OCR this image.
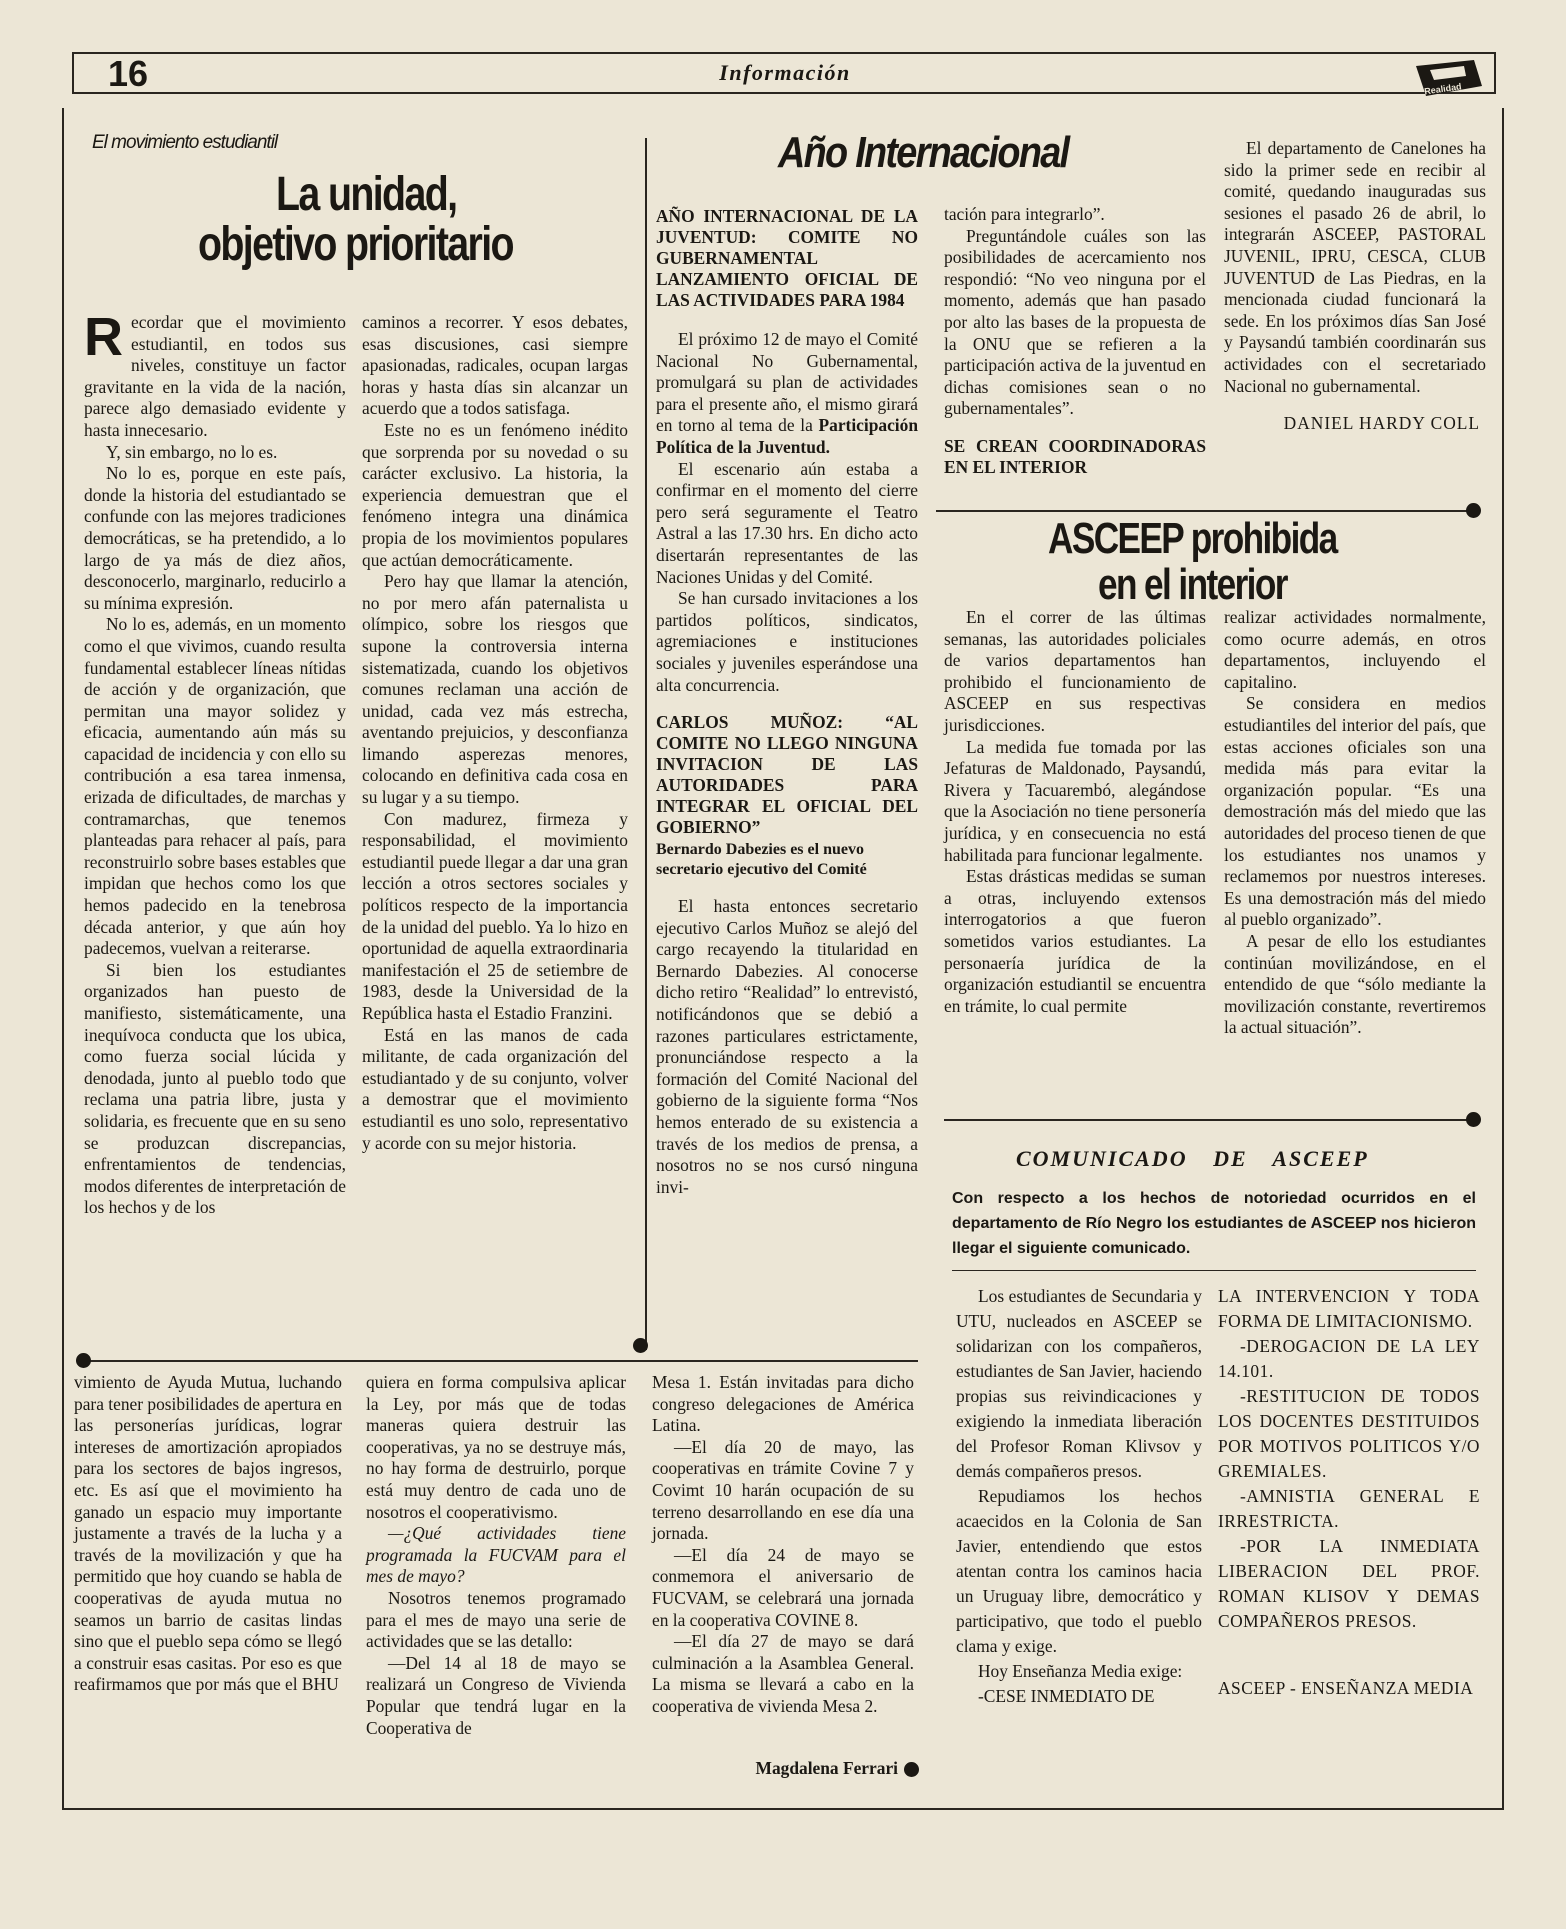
16	Información
Realidad
El movimiento estudiantil
La unidad,
objetivo prioritario
R ecordar que el movimiento estudiantil, en todos sus niveles, constituye un factor gravitante en la vida de la nación, parece algo demasiado evidente y hasta innecesario.

Y, sin embargo, no lo es.

No lo es, porque en este país, donde la historia del estudiantado se confunde con las mejores tradiciones democráticas, se ha pretendido, a lo largo de ya más de diez años, desconocerlo, marginarlo, reducirlo a su mínima expresión.

No lo es, además, en un momento como el que vivimos, cuando resulta fundamental establecer líneas nítidas de acción y de organización, que permitan una mayor solidez y eficacia, aumentando aún más su capacidad de incidencia y con ello su contribución a esa tarea inmensa, erizada de dificultades, de marchas y contramarchas, que tenemos planteadas para rehacer al país, para reconstruirlo sobre bases estables que impidan que hechos como los que hemos padecido en la tenebrosa década anterior, y que aún hoy padecemos, vuelvan a reiterarse.

Si bien los estudiantes organizados han puesto de manifiesto, sistemáticamente, una inequívoca conducta que los ubica, como fuerza social lúcida y denodada, junto al pueblo todo que reclama una patria libre, justa y solidaria, es frecuente que en su seno se produzcan discrepancias, enfrentamientos de tendencias, modos diferentes de interpretación de los hechos y de los

caminos a recorrer. Y esos debates, esas discusiones, casi siempre apasionadas, radicales, ocupan largas horas y hasta días sin alcanzar un acuerdo que a todos satisfaga.

Este no es un fenómeno inédito que sorprenda por su novedad o su carácter exclusivo. La historia, la experiencia demuestran que el fenómeno integra una dinámica propia de los movimientos populares que actúan democráticamente.

Pero hay que llamar la atención, no por mero afán paternalista u olímpico, sobre los riesgos que supone la controversia interna sistematizada, cuando los objetivos comunes reclaman una acción de unidad, cada vez más estrecha, aventando prejuicios, y desconfianza limando asperezas menores, colocando en definitiva cada cosa en su lugar y a su tiempo.

Con madurez, firmeza y responsabilidad, el movimiento estudiantil puede llegar a dar una gran lección a otros sectores sociales y políticos respecto de la importancia de la unidad del pueblo. Ya lo hizo en oportunidad de aquella extraordinaria manifestación el 25 de setiembre de 1983, desde la Universidad de la República hasta el Estadio Franzini.

Está en las manos de cada militante, de cada organización del estudiantado y de su conjunto, volver a demostrar que el movimiento estudiantil es uno solo, representativo y acorde con su mejor historia.

Año Internacional
AÑO INTERNACIONAL DE LA JUVENTUD: COMITE NO GUBERNAMENTAL LANZAMIENTO OFICIAL DE LAS ACTIVIDADES PARA 1984

El próximo 12 de mayo el Comité Nacional No Gubernamental, promulgará su plan de actividades para el presente año, el mismo girará en torno al tema de la Participación Política de la Juventud.

El escenario aún estaba a confirmar en el momento del cierre pero será seguramente el Teatro Astral a las 17.30 hrs. En dicho acto disertarán representantes de las Naciones Unidas y del Comité.

Se han cursado invitaciones a los partidos políticos, sindicatos, agremiaciones e instituciones sociales y juveniles esperándose una alta concurrencia.

CARLOS MUÑOZ: “AL COMITE NO LLEGO NINGUNA INVITACION DE LAS AUTORIDADES PARA INTEGRAR EL OFICIAL DEL GOBIERNO”
Bernardo Dabezies es el nuevo secretario ejecutivo del Comité

El hasta entonces secretario ejecutivo Carlos Muñoz se alejó del cargo recayendo la titularidad en Bernardo Dabezies. Al conocerse dicho retiro “Realidad” lo entrevistó, notificándonos que se debió a razones particulares estrictamente, pronunciándose respecto a la formación del Comité Nacional del gobierno de la siguiente forma “Nos hemos enterado de su existencia a través de los medios de prensa, a nosotros no se nos cursó ninguna invi-

tación para integrarlo”.

Preguntándole cuáles son las posibilidades de acercamiento nos respondió: “No veo ninguna por el momento, además que han pasado por alto las bases de la propuesta de la ONU que se refieren a la participación activa de la juventud en dichas comisiones sean o no gubernamentales”.

SE CREAN COORDINADORAS EN EL INTERIOR

El departamento de Canelones ha sido la primer sede en recibir al comité, quedando inauguradas sus sesiones el pasado 26 de abril, lo integrarán ASCEEP, PASTORAL JUVENIL, IPRU, CESCA, CLUB JUVENTUD de Las Piedras, en la mencionada ciudad funcionará la sede. En los próximos días San José y Paysandú también coordinarán sus actividades con el secretariado Nacional no gubernamental.

DANIEL HARDY COLL
ASCEEP prohibida
en el interior

En el correr de las últimas semanas, las autoridades policiales de varios departamentos han prohibido el funcionamiento de ASCEEP en sus respectivas jurisdicciones.

La medida fue tomada por las Jefaturas de Maldonado, Paysandú, Rivera y Tacuarembó, alegándose que la Asociación no tiene personería jurídica, y en consecuencia no está habilitada para funcionar legalmente.

Estas drásticas medidas se suman a otras, incluyendo extensos interrogatorios a que fueron sometidos varios estudiantes. La personaería jurídica de la organización estudiantil se encuentra en trámite, lo cual permite

realizar actividades normalmente, como ocurre además, en otros departamentos, incluyendo el capitalino.

Se considera en medios estudiantiles del interior del país, que estas acciones oficiales son una medida más para evitar la organización popular. “Es una demostración más del miedo que las autoridades del proceso tienen de que los estudiantes nos unamos y reclamemos por nuestros intereses. Es una demostración más del miedo al pueblo organizado”.

A pesar de ello los estudiantes continúan movilizándose, en el entendido de que “sólo mediante la movilización constante, revertiremos la actual situación”.

COMUNICADO DE ASCEEP
Con respecto a los hechos de notoriedad ocurridos en el departamento de Río Negro los estudiantes de ASCEEP nos hicieron llegar el siguiente comunicado.

Los estudiantes de Secundaria y UTU, nucleados en ASCEEP se solidarizan con los compañeros, estudiantes de San Javier, haciendo propias sus reivindicaciones y exigiendo la inmediata liberación del Profesor Roman Klivsov y demás compañeros presos.

Repudiamos los hechos acaecidos en la Colonia de San Javier, entendiendo que estos atentan contra los caminos hacia un Uruguay libre, democrático y participativo, que todo el pueblo clama y exige.

Hoy Enseñanza Media exige:

-CESE INMEDIATO DE

LA INTERVENCION Y TODA FORMA DE LIMITACIONISMO.

-DEROGACION DE LA LEY 14.101.

-RESTITUCION DE TODOS LOS DOCENTES DESTITUIDOS POR MOTIVOS POLITICOS Y/O GREMIALES.

-AMNISTIA GENERAL E IRRESTRICTA.

-POR LA INMEDIATA LIBERACION DEL PROF. ROMAN KLISOV Y DEMAS COMPAÑEROS PRESOS.

ASCEEP - ENSEÑANZA MEDIA

vimiento de Ayuda Mutua, luchando para tener posibilidades de apertura en las personerías jurídicas, lograr intereses de amortización apropiados para los sectores de bajos ingresos, etc. Es así que el movimiento ha ganado un espacio muy importante justamente a través de la lucha y a través de la movilización y que ha permitido que hoy cuando se habla de cooperativas de ayuda mutua no seamos un barrio de casitas lindas sino que el pueblo sepa cómo se llegó a construir esas casitas. Por eso es que reafirmamos que por más que el BHU

quiera en forma compulsiva aplicar la Ley, por más que de todas maneras quiera destruir las cooperativas, ya no se destruye más, no hay forma de destruirlo, porque está muy dentro de cada uno de nosotros el cooperativismo.

—¿Qué actividades tiene programada la FUCVAM para el mes de mayo?

Nosotros tenemos programado para el mes de mayo una serie de actividades que se las detallo:

—Del 14 al 18 de mayo se realizará un Congreso de Vivienda Popular que tendrá lugar en la Cooperativa de

Mesa 1. Están invitadas para dicho congreso delegaciones de América Latina.

—El día 20 de mayo, las cooperativas en trámite Covine 7 y Covimt 10 harán ocupación de su terreno desarrollando en ese día una jornada.

—El día 24 de mayo se conmemora el aniversario de FUCVAM, se celebrará una jornada en la cooperativa COVINE 8.

—El día 27 de mayo se dará culminación a la Asamblea General. La misma se llevará a cabo en la cooperativa de vivienda Mesa 2.

Magdalena Ferrari
